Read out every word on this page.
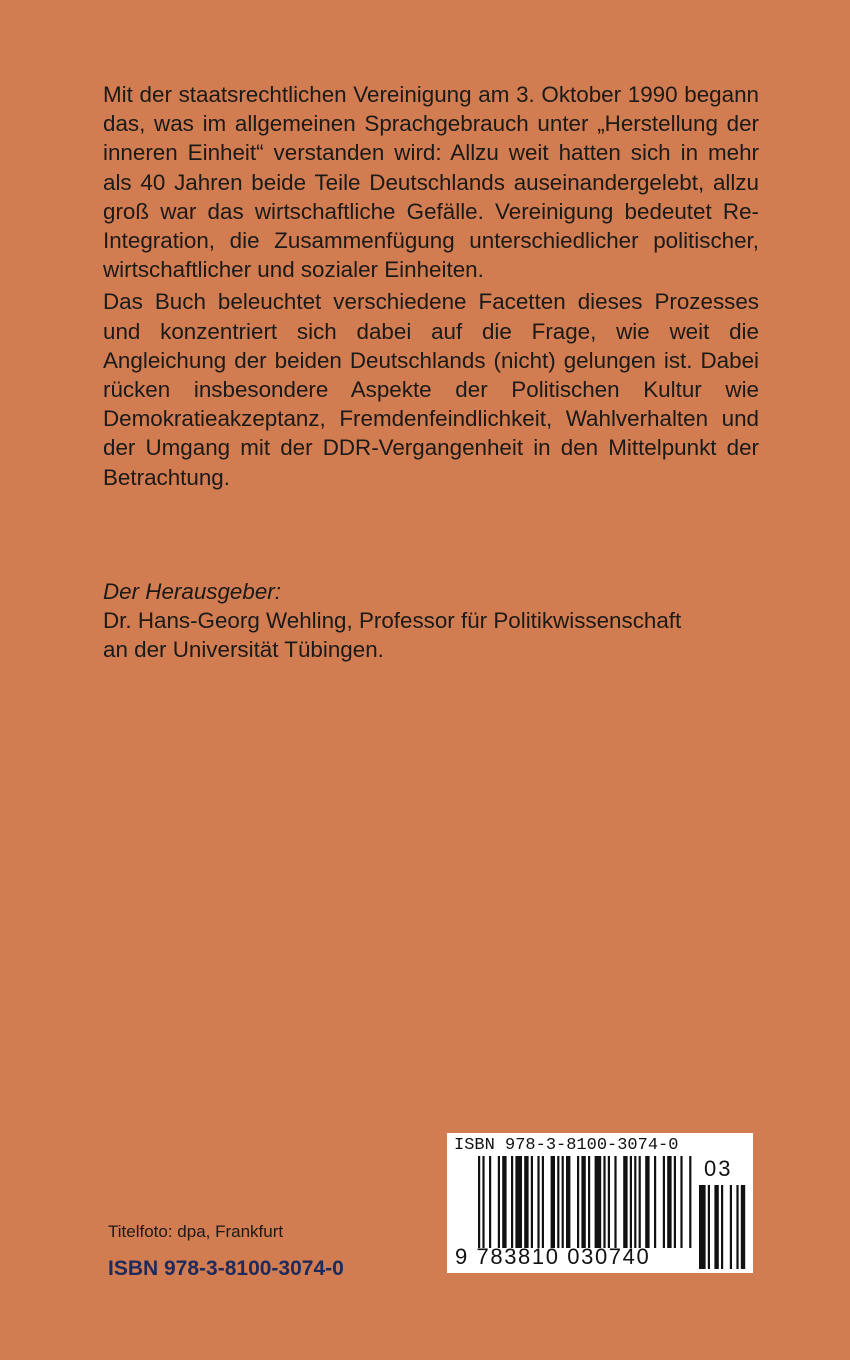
Mit der staatsrechtlichen Vereinigung am 3. Oktober 1990 begann das, was im allgemeinen Sprachgebrauch unter „Herstellung der inneren Einheit“ verstanden wird: Allzu weit hatten sich in mehr als 40 Jahren beide Teile Deutschlands auseinandergelebt, allzu groß war das wirtschaftliche Gefälle. Vereinigung bedeutet Re-Integration, die Zusammenfügung unterschiedlicher politischer, wirtschaftlicher und sozialer Einheiten.

Das Buch beleuchtet verschiedene Facetten dieses Prozesses und konzentriert sich dabei auf die Frage, wie weit die Angleichung der beiden Deutschlands (nicht) gelungen ist. Dabei rücken insbesondere Aspekte der Politischen Kultur wie Demokratieakzeptanz, Fremdenfeindlichkeit, Wahlverhalten und der Umgang mit der DDR-Vergangenheit in den Mittelpunkt der Betrachtung.

Der Herausgeber:
Dr. Hans-Georg Wehling, Professor für Politikwissenschaft
an der Universität Tübingen.
Titelfoto: dpa, Frankfurt
ISBN 978-3-8100-3074-0
ISBN 978-3-8100-3074-0
03
9 783810 030740
